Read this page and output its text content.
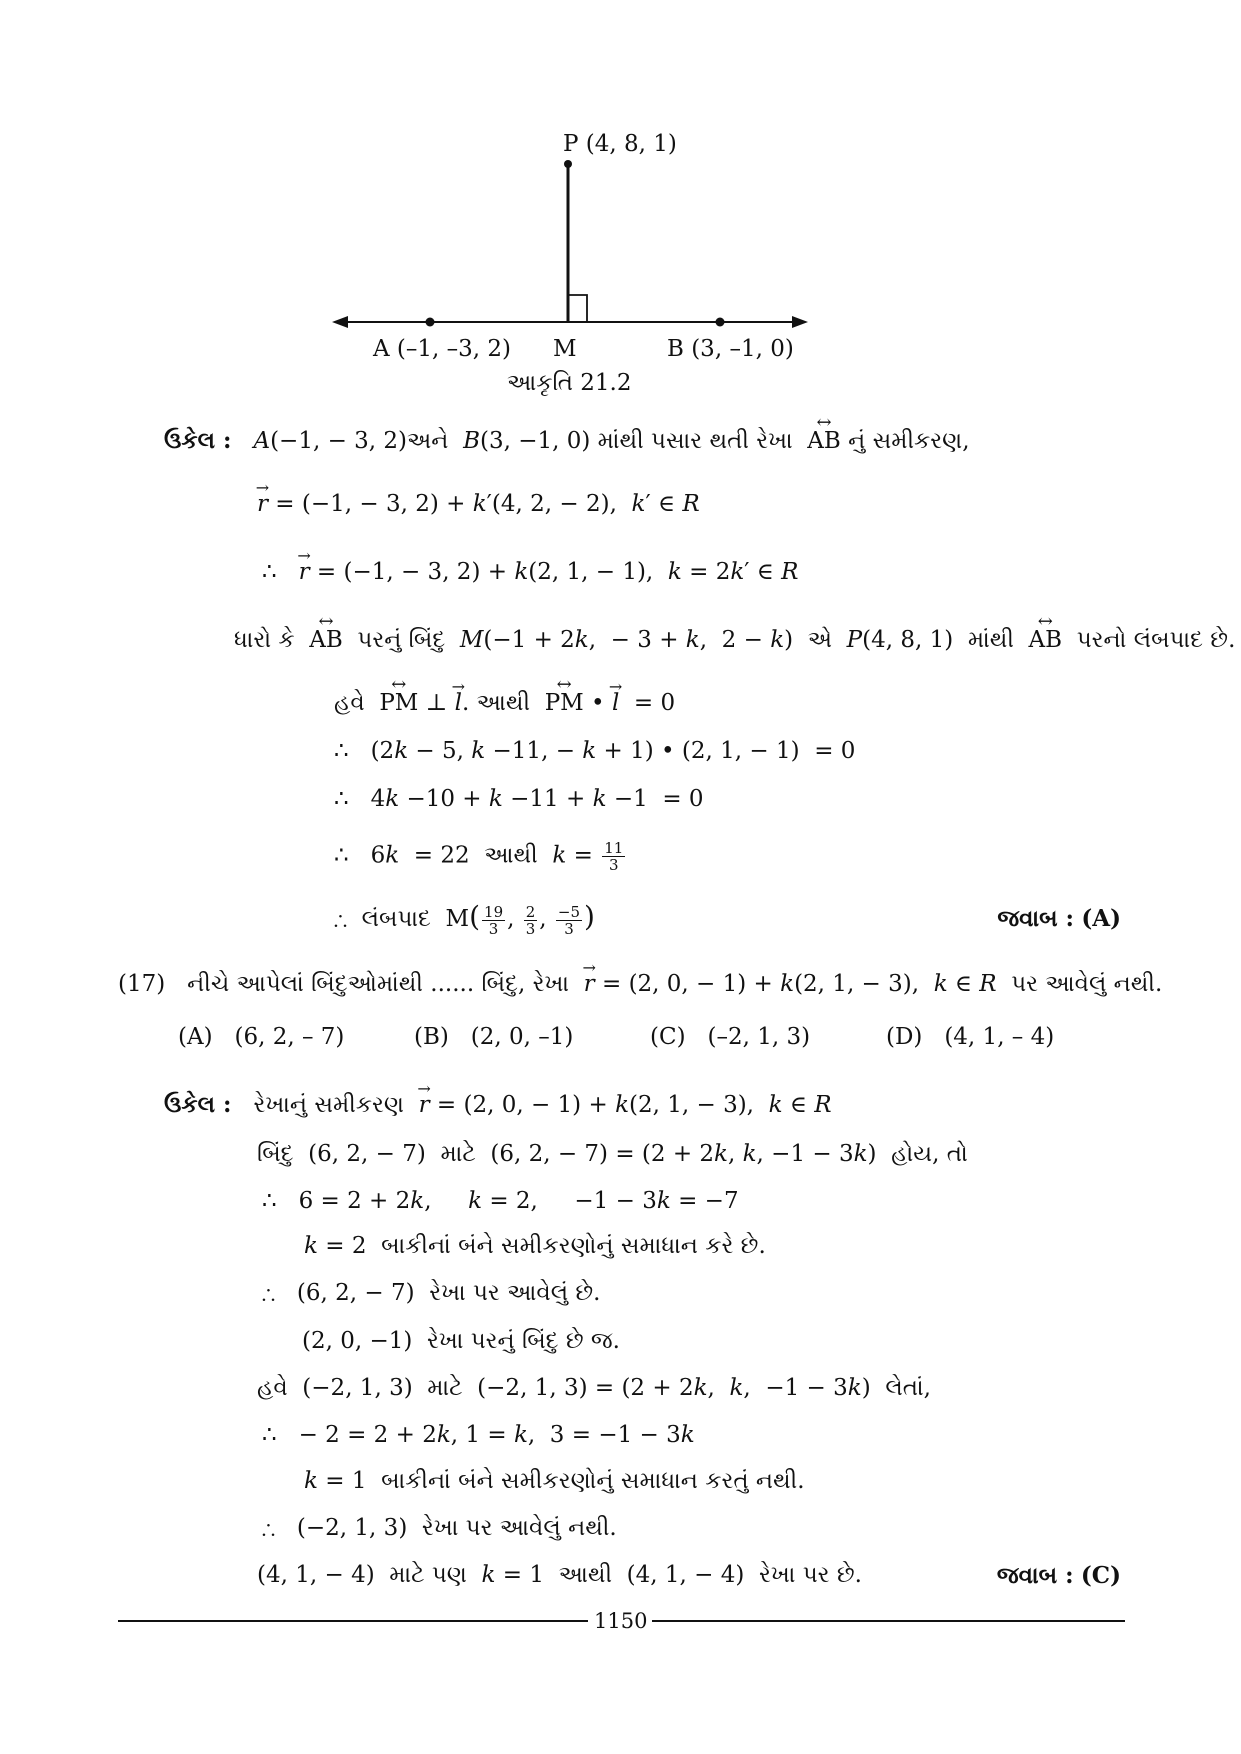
P (4, 8, 1)
A (–1, –3, 2) M	B (3, –1, 0)
આકૃતિ 21.2
ઉકેલ : A(−1, − 3, 2)અને B(3, −1, 0) માંથી પસાર થતી રેખા ↔ AB નું સમીકરણ,
→ r = (−1, − 3, 2) + k′(4, 2, − 2),  k′ ∈ R
∴   → r = (−1, − 3, 2) + k(2, 1, − 1),  k = 2k′ ∈ R
ધારો કે ↔ AB પરનું બિંદુ M(−1 + 2k,  − 3 + k,  2 − k)  એ P(4, 8, 1)  માંથી ↔ AB પરનો લંબપાદ છે.
હવે ↔ PM ⊥ → l. આથી ↔ PM • → l  = 0
∴   (2k − 5, k −11, − k + 1) • (2, 1, − 1)  = 0
∴   4k −10 + k −11 + k −1  = 0
∴   6k  = 22  આથી $k = \frac{11}{3}$
∴  લંબપાદ  $M( \frac{19}{3}$ , $\frac{2}{3}$ , $\frac{-5}{3}$ )	જવાબ : (A)
(17) નીચે આપેલાં બિંદુઓમાંથી ...... બિંદુ, રેખા → r = (2, 0, − 1) + k(2, 1, − 3),  k ∈ R પર આવેલું નથી.
(A) (6, 2, – 7)	(B) (2, 0, –1)	(C) (–2, 1, 3)	(D) (4, 1, – 4)
ઉકેલ : રેખાનું સમીકરણ → r = (2, 0, − 1) + k(2, 1, − 3),  k ∈ R
બિંદુ  (6, 2, − 7)  માટે  (6, 2, − 7) = (2 + 2k, k, −1 − 3k)  હોય, તો
∴   6 = 2 + 2k,     k = 2,     −1 − 3k = −7
k = 2  બાકીનાં બંને સમીકરણોનું સમાધાન કરે છે.
∴   (6, 2, − 7)  રેખા પર આવેલું છે.
(2, 0, −1)  રેખા પરનું બિંદુ છે જ.
હવે  (−2, 1, 3)  માટે  (−2, 1, 3) = (2 + 2k,  k,  −1 − 3k)  લેતાં,
∴   − 2 = 2 + 2k, 1 = k,  3 = −1 − 3k
k = 1  બાકીનાં બંને સમીકરણોનું સમાધાન કરતું નથી.
∴   (−2, 1, 3)  રેખા પર આવેલું નથી.
(4, 1, − 4)  માટે પણ k = 1  આથી  (4, 1, − 4)  રેખા પર છે.	જવાબ : (C)
1150
